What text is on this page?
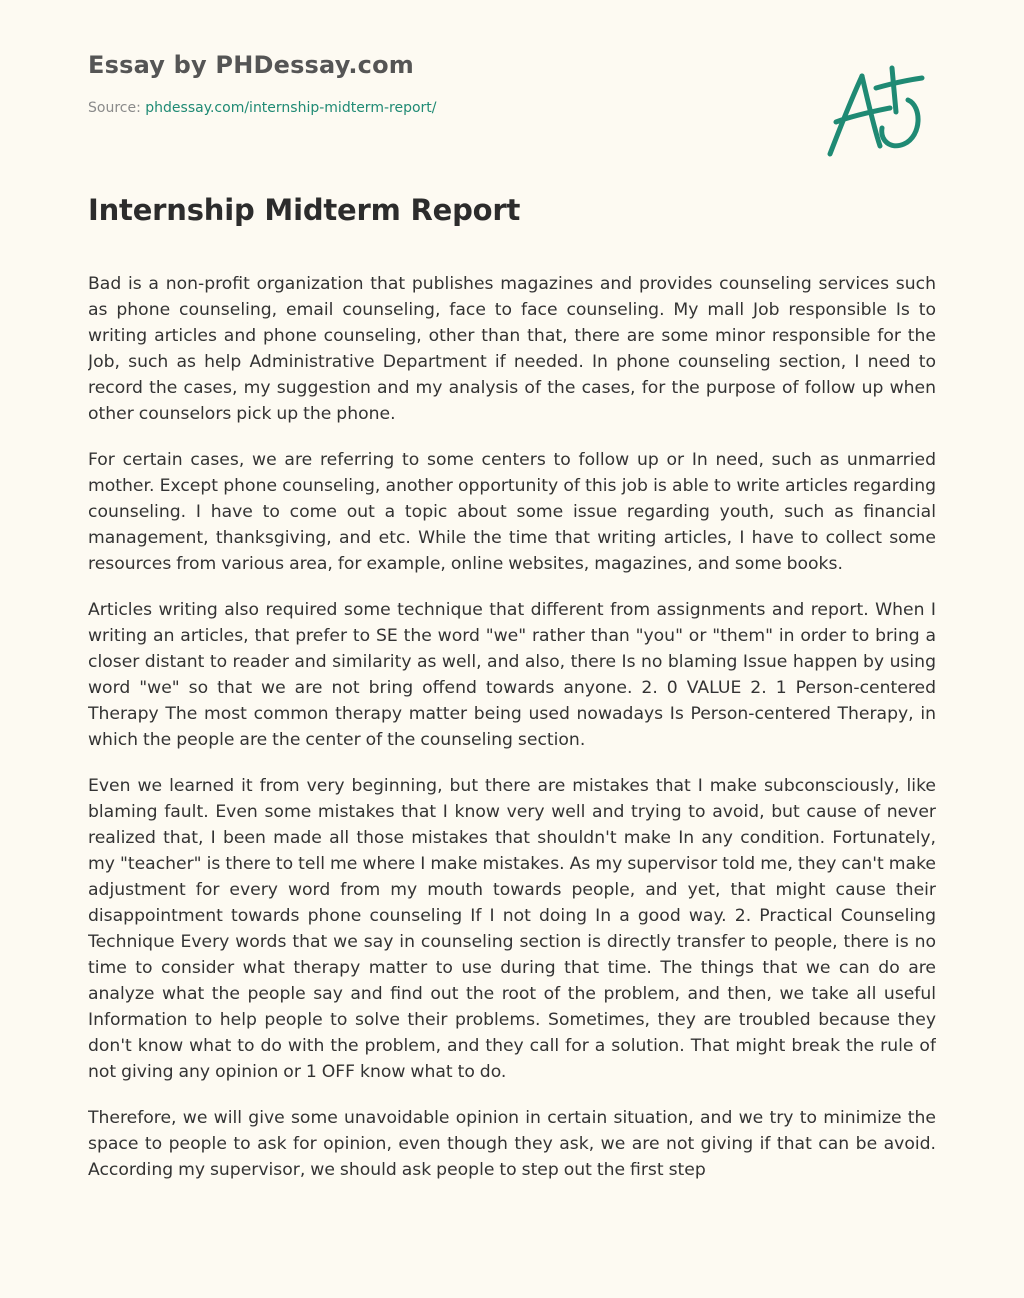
Essay by PHDessay.com
Source: phdessay.com/internship-midterm-report/
Internship Midterm Report

Bad is a non-profit organization that publishes magazines and provides counseling services such as phone counseling, email counseling, face to face counseling. My mall Job responsible Is to writing articles and phone counseling, other than that, there are some minor responsible for the Job, such as help Administrative Department if needed. In phone counseling section, I need to record the cases, my suggestion and my analysis of the cases, for the purpose of follow up when other counselors pick up the phone.

For certain cases, we are referring to some centers to follow up or In need, such as unmarried mother. Except phone counseling, another opportunity of this job is able to write articles regarding counseling. I have to come out a topic about some issue regarding youth, such as financial management, thanksgiving, and etc. While the time that writing articles, I have to collect some resources from various area, for example, online websites, magazines, and some books.

Articles writing also required some technique that different from assignments and report. When I writing an articles, that prefer to SE the word "we" rather than "you" or "them" in order to bring a closer distant to reader and similarity as well, and also, there Is no blaming Issue happen by using word "we" so that we are not bring offend towards anyone. 2. 0 VALUE 2. 1 Person-centered Therapy The most common therapy matter being used nowadays Is Person-centered Therapy, in which the people are the center of the counseling section.

Even we learned it from very beginning, but there are mistakes that I make subconsciously, like blaming fault. Even some mistakes that I know very well and trying to avoid, but cause of never realized that, I been made all those mistakes that shouldn't make In any condition. Fortunately, my "teacher" is there to tell me where I make mistakes. As my supervisor told me, they can't make adjustment for every word from my mouth towards people, and yet, that might cause their disappointment towards phone counseling If I not doing In a good way. 2. Practical Counseling Technique Every words that we say in counseling section is directly transfer to people, there is no time to consider what therapy matter to use during that time. The things that we can do are analyze what the people say and find out the root of the problem, and then, we take all useful Information to help people to solve their problems. Sometimes, they are troubled because they don't know what to do with the problem, and they call for a solution. That might break the rule of not giving any opinion or 1 OFF know what to do.

Therefore, we will give some unavoidable opinion in certain situation, and we try to minimize the space to people to ask for opinion, even though they ask, we are not giving if that can be avoid. According my supervisor, we should ask people to step out the first step
